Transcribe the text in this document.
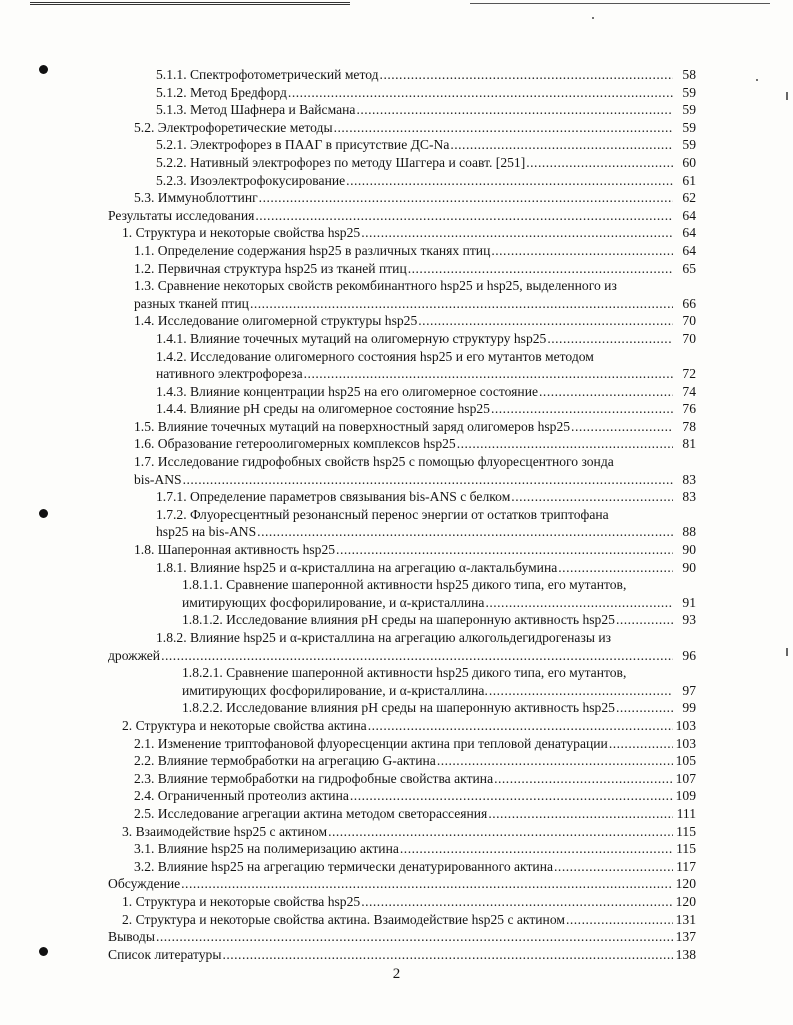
5.1.1. Спектрофотометрический метод .....	58
5.1.2. Метод Бредфорд .....	59
5.1.3. Метод Шафнера и Вайсмана .....	59
5.2. Электрофоретические методы .....	59
5.2.1. Электрофорез в ПААГ в присутствие ДС-Na .....	59
5.2.2. Нативный электрофорез по методу Шаггера и соавт. [251] .....	60
5.2.3. Изоэлектрофокусирование .....	61
5.3. Иммуноблоттинг .....	62
Результаты исследования .....	64
1. Структура и некоторые свойства hsp25 .....	64
1.1. Определение содержания hsp25 в различных тканях птиц .....	64
1.2. Первичная структура hsp25 из тканей птиц .....	65
1.3. Сравнение некоторых свойств рекомбинантного hsp25 и hsp25, выделенного из
разных тканей птиц .....	66
1.4. Исследование олигомерной структуры hsp25 .....	70
1.4.1. Влияние точечных мутаций на олигомерную структуру hsp25 .....	70
1.4.2. Исследование олигомерного состояния hsp25 и его мутантов методом
нативного электрофореза .....	72
1.4.3. Влияние концентрации hsp25 на его олигомерное состояние .....	74
1.4.4. Влияние pH среды на олигомерное состояние hsp25 .....	76
1.5. Влияние точечных мутаций на поверхностный заряд олигомеров hsp25 .....	78
1.6. Образование гетероолигомерных комплексов hsp25 .....	81
1.7. Исследование гидрофобных свойств hsp25 с помощью флуоресцентного зонда
bis-ANS .....	83
1.7.1. Определение параметров связывания bis-ANS с белком .....	83
1.7.2. Флуоресцентный резонансный перенос энергии от остатков триптофана
hsp25 на bis-ANS .....	88
1.8. Шаперонная активность hsp25 .....	90
1.8.1. Влияние hsp25 и α-кристаллина на агрегацию α-лактальбумина .....	90
1.8.1.1. Сравнение шаперонной активности hsp25 дикого типа, его мутантов,
имитирующих фосфорилирование, и α-кристаллина .....	91
1.8.1.2. Исследование влияния pH среды на шаперонную активность hsp25 .....	93
1.8.2. Влияние hsp25 и α-кристаллина на агрегацию алкогольдегидрогеназы из
дрожжей .....	96
1.8.2.1. Сравнение шаперонной активности hsp25 дикого типа, его мутантов,
имитирующих фосфорилирование, и α-кристаллина. .....	97
1.8.2.2. Исследование влияния pH среды на шаперонную активность hsp25 .....	99
2. Структура и некоторые свойства актина .....	103
2.1. Изменение триптофановой флуоресценции актина при тепловой денатурации .....	103
2.2. Влияние термобработки на агрегацию G-актина .....	105
2.3. Влияние термобработки на гидрофобные свойства актина .....	107
2.4. Ограниченный протеолиз актина .....	109
2.5. Исследование агрегации актина методом светорассеяния .....	111
3. Взаимодействие hsp25 с актином .....	115
3.1. Влияние hsp25 на полимеризацию актина .....	115
3.2. Влияние hsp25 на агрегацию термически денатурированного актина .....	117
Обсуждение .....	120
1. Структура и некоторые свойства hsp25 .....	120
2. Структура и некоторые свойства актина. Взаимодействие hsp25 с актином .....	131
Выводы .....	137
Список литературы .....	138
2
